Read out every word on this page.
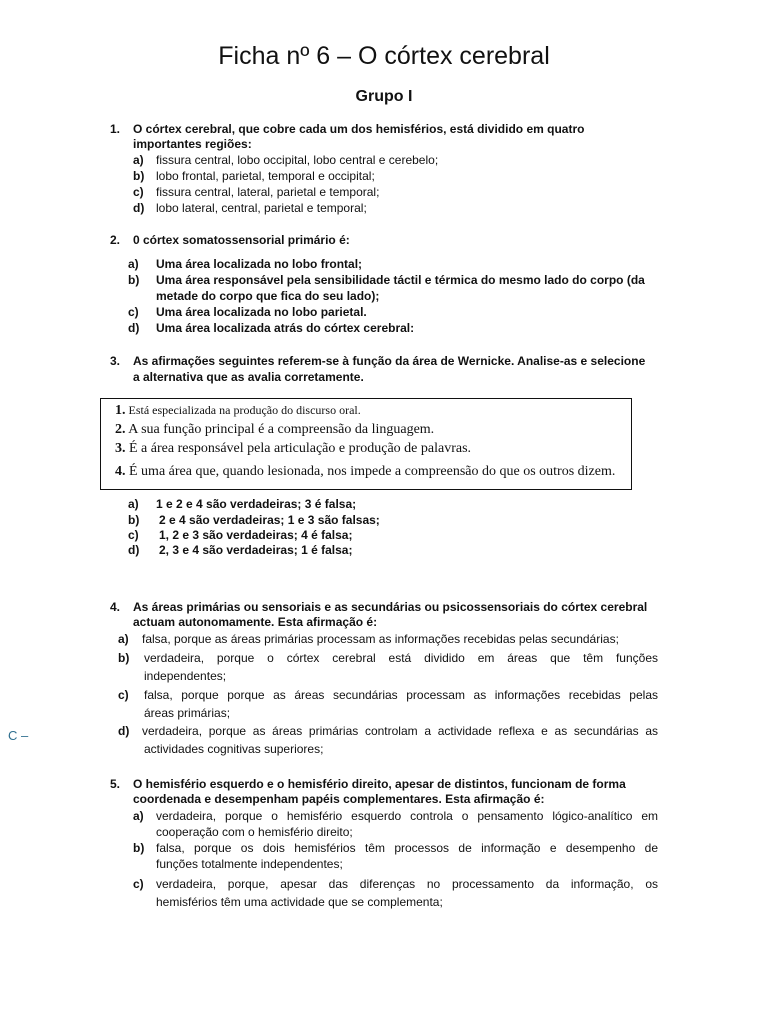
Ficha nº 6 – O córtex cerebral
Grupo I
1. O córtex cerebral, que cobre cada um dos hemisférios, está dividido em quatro
importantes regiões:
a) fissura central, lobo occipital, lobo central e cerebelo;
b) lobo frontal, parietal, temporal e occipital;
c) fissura central, lateral, parietal e temporal;
d) lobo lateral, central, parietal e temporal;
2. 0 córtex somatossensorial primário é:
a) Uma área localizada no lobo frontal;
b) Uma área responsável pela sensibilidade táctil e térmica do mesmo lado do corpo (da
metade do corpo que fica do seu lado);
c) Uma área localizada no lobo parietal.
d) Uma área localizada atrás do córtex cerebral:
3. As afirmações seguintes referem-se à função da área de Wernicke. Analise-as e selecione
a alternativa que as avalia corretamente.
1. Está especializada na produção do discurso oral.
2. A sua função principal é a compreensão da linguagem.
3. É a área responsável pela articulação e produção de palavras.
4. É uma área que, quando lesionada, nos impede a compreensão do que os outros dizem.
a) 1 e 2 e 4 são verdadeiras; 3 é falsa;
b) 2 e 4 são verdadeiras; 1 e 3 são falsas;
c) 1, 2 e 3 são verdadeiras; 4 é falsa;
d) 2, 3 e 4 são verdadeiras; 1 é falsa;
4. As áreas primárias ou sensoriais e as secundárias ou psicossensoriais do córtex cerebral
actuam autonomamente. Esta afirmação é:
a) falsa, porque as áreas primárias processam as informações recebidas pelas secundárias;
b) verdadeira, porque o córtex cerebral está dividido em áreas que têm funções
independentes;
c) falsa, porque porque as áreas secundárias processam as informações recebidas pelas
áreas primárias;
d) verdadeira, porque as áreas primárias controlam a actividade reflexa e as secundárias as
actividades cognitivas superiores;
C –
5. O hemisfério esquerdo e o hemisfério direito, apesar de distintos, funcionam de forma
coordenada e desempenham papéis complementares. Esta afirmação é:
a) verdadeira, porque o hemisfério esquerdo controla o pensamento lógico-analítico em
cooperação com o hemisfério direito;
b) falsa, porque os dois hemisférios têm processos de informação e desempenho de
funções totalmente independentes;
c) verdadeira, porque, apesar das diferenças no processamento da informação, os
hemisférios têm uma actividade que se complementa;
